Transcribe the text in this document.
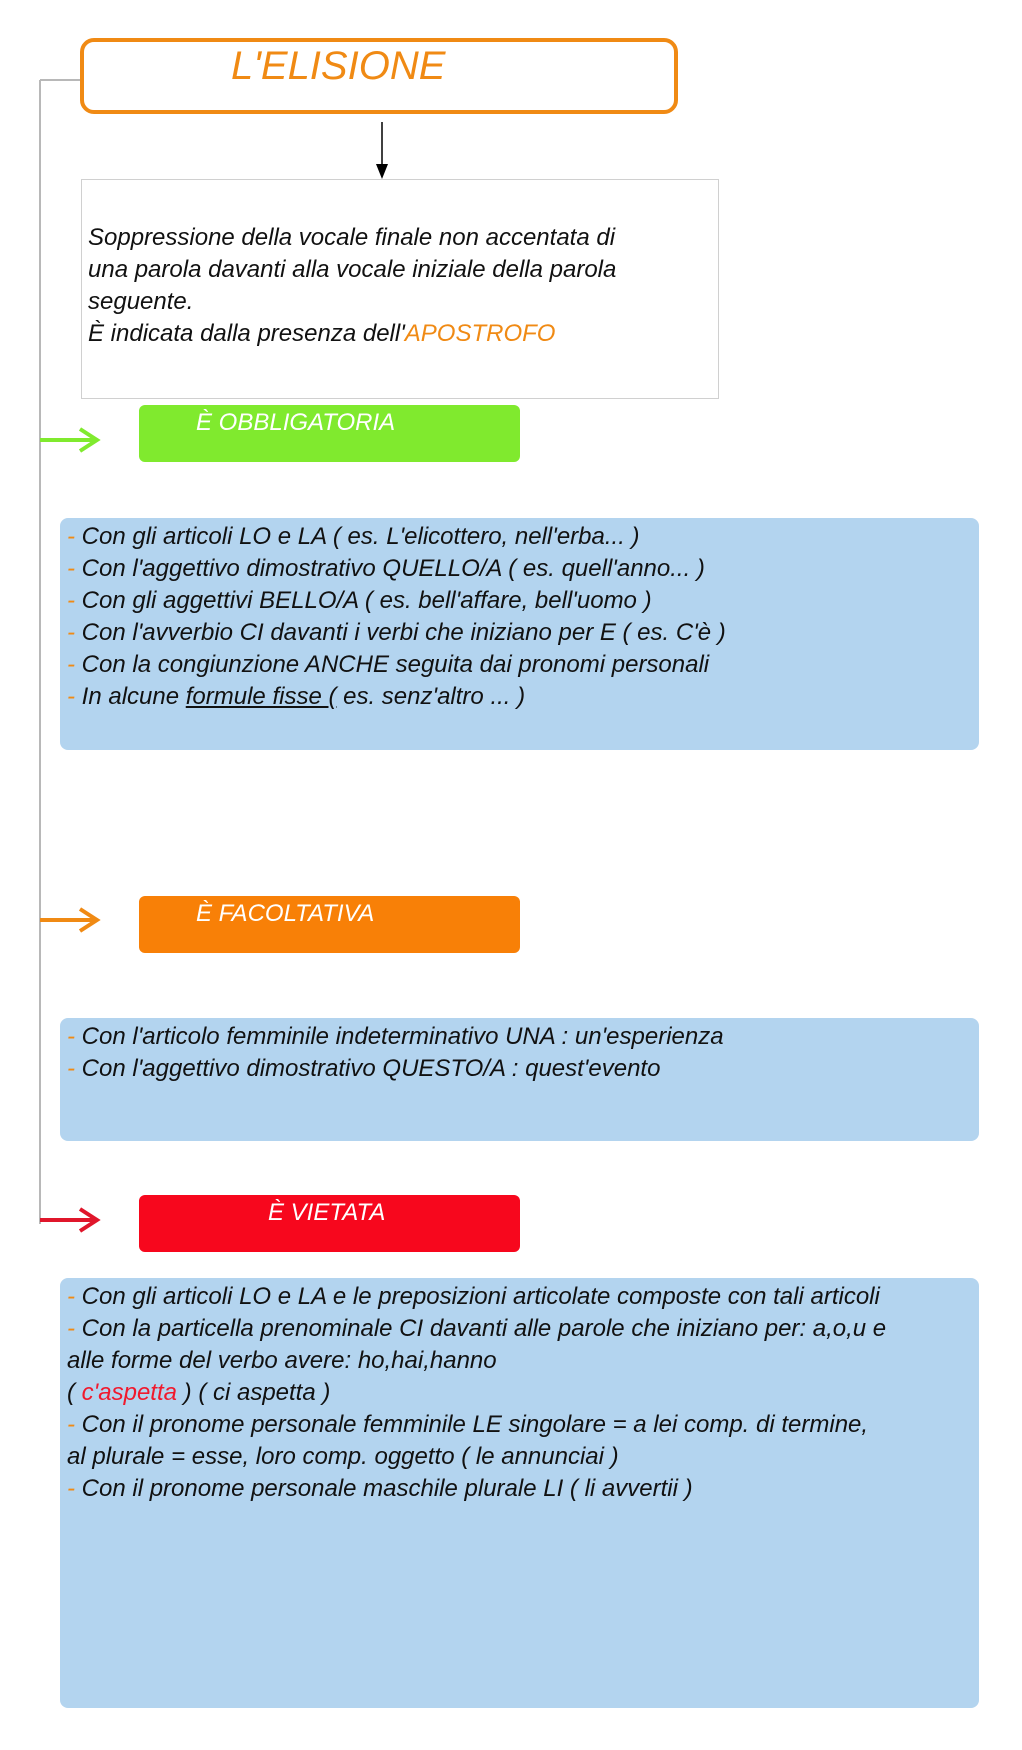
L'ELISIONE

Soppressione della vocale finale non accentata di

una parola davanti alla vocale iniziale della parola

seguente.

È indicata dalla presenza dell'APOSTROFO

È OBBLIGATORIA

- Con gli articoli LO e LA ( es. L'elicottero, nell'erba... )

- Con l'aggettivo dimostrativo QUELLO/A ( es. quell'anno... )

- Con gli aggettivi BELLO/A ( es. bell'affare, bell'uomo )

- Con l'avverbio CI davanti i verbi che iniziano per E ( es. C'è )

- Con la congiunzione ANCHE seguita dai pronomi personali

- In alcune formule fisse ( es. senz'altro ... )

È FACOLTATIVA

- Con l'articolo femminile indeterminativo UNA : un'esperienza

- Con l'aggettivo dimostrativo QUESTO/A : quest'evento

È VIETATA

- Con gli articoli LO e LA e le preposizioni articolate composte con tali articoli

- Con la particella prenominale CI davanti alle parole che iniziano per: a,o,u e

alle forme del verbo avere: ho,hai,hanno

( c'aspetta ) ( ci aspetta )

- Con il pronome personale femminile LE singolare = a lei comp. di termine,

al plurale = esse, loro comp. oggetto ( le annunciai )

- Con il pronome personale maschile plurale LI ( li avvertii )
